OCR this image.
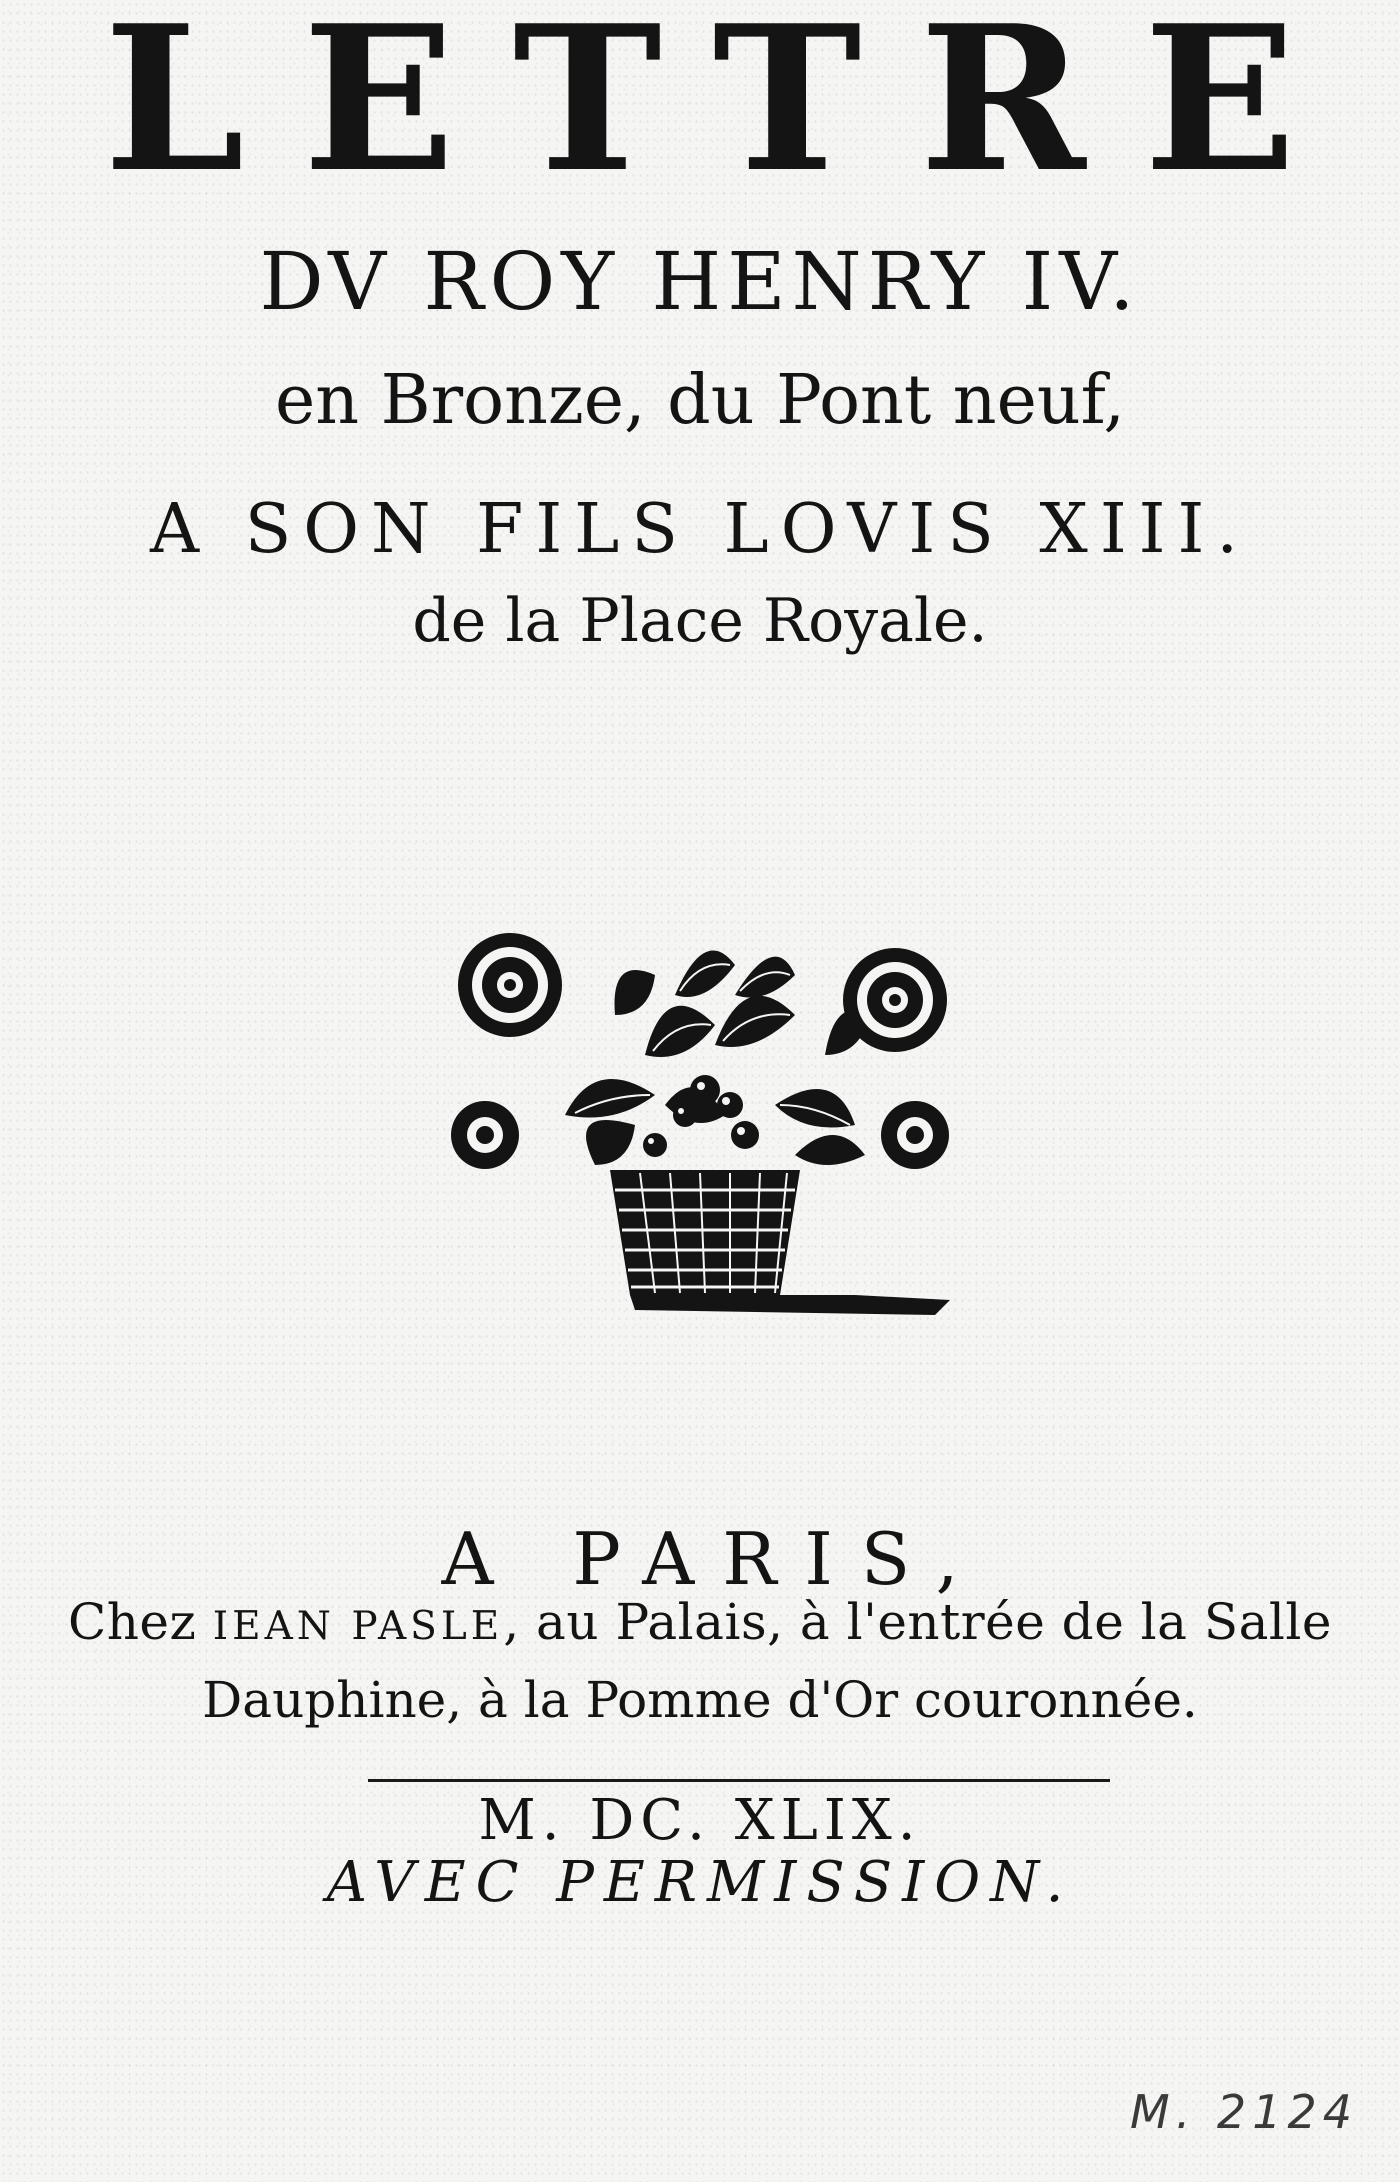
LETTRE
DV ROY HENRY IV.
en Bronze, du Pont neuf,
A SON FILS LOVIS XIII.
de la Place Royale.
A PARIS,
Chez IEAN PASLE, au Palais, à l'entrée de la Salle
Dauphine, à la Pomme d'Or couronnée.
M. DC. XLIX.
AVEC PERMISSION.
M. 2124
